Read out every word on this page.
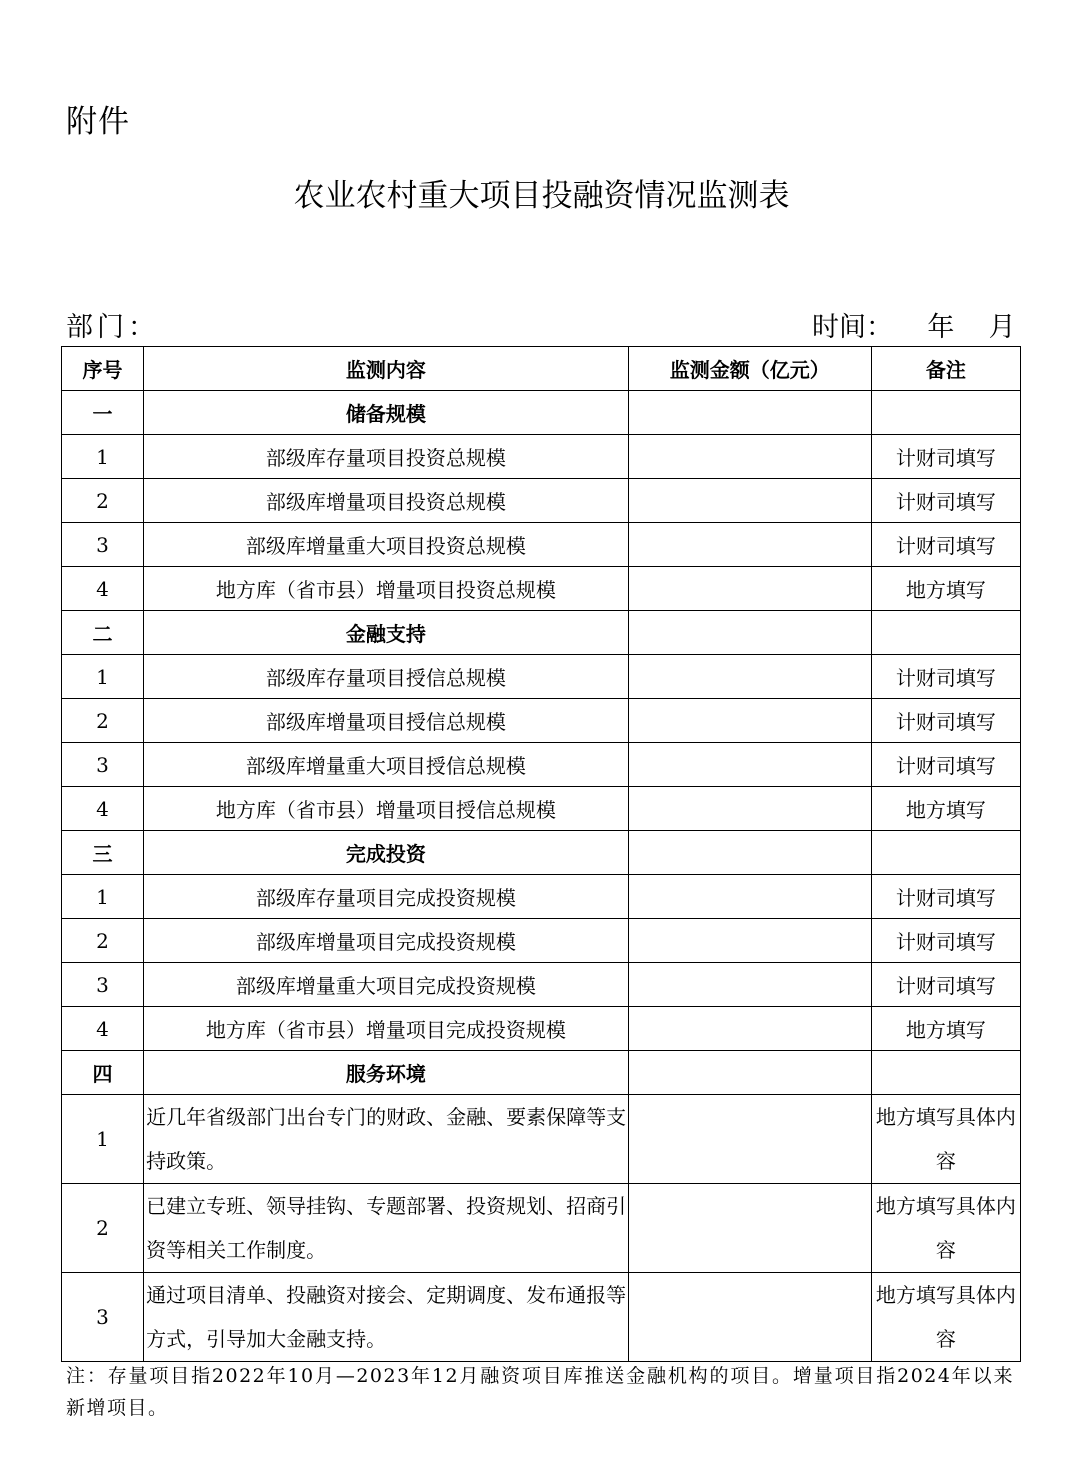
附件
农业农村重大项目投融资情况监测表
部门：	时间：    年    月
序号	监测内容	监测金额（亿元）	备注
一	储备规模		
1	部级库存量项目投资总规模		计财司填写
2	部级库增量项目投资总规模		计财司填写
3	部级库增量重大项目投资总规模		计财司填写
4	地方库（省市县）增量项目投资总规模		地方填写
二	金融支持		
1	部级库存量项目授信总规模		计财司填写
2	部级库增量项目授信总规模		计财司填写
3	部级库增量重大项目授信总规模		计财司填写
4	地方库（省市县）增量项目授信总规模		地方填写
三	完成投资		
1	部级库存量项目完成投资规模		计财司填写
2	部级库增量项目完成投资规模		计财司填写
3	部级库增量重大项目完成投资规模		计财司填写
4	地方库（省市县）增量项目完成投资规模		地方填写
四	服务环境		
1	近几年省级部门出台专门的财政、金融、要素保障等支持政策。		地方填写具体内容
2	已建立专班、领导挂钩、专题部署、投资规划、招商引资等相关工作制度。		地方填写具体内容
3	通过项目清单、投融资对接会、定期调度、发布通报等方式，引导加大金融支持。		地方填写具体内容
注：存量项目指2022年10月—2023年12月融资项目库推送金融机构的项目。增量项目指2024年以来新增项目。
